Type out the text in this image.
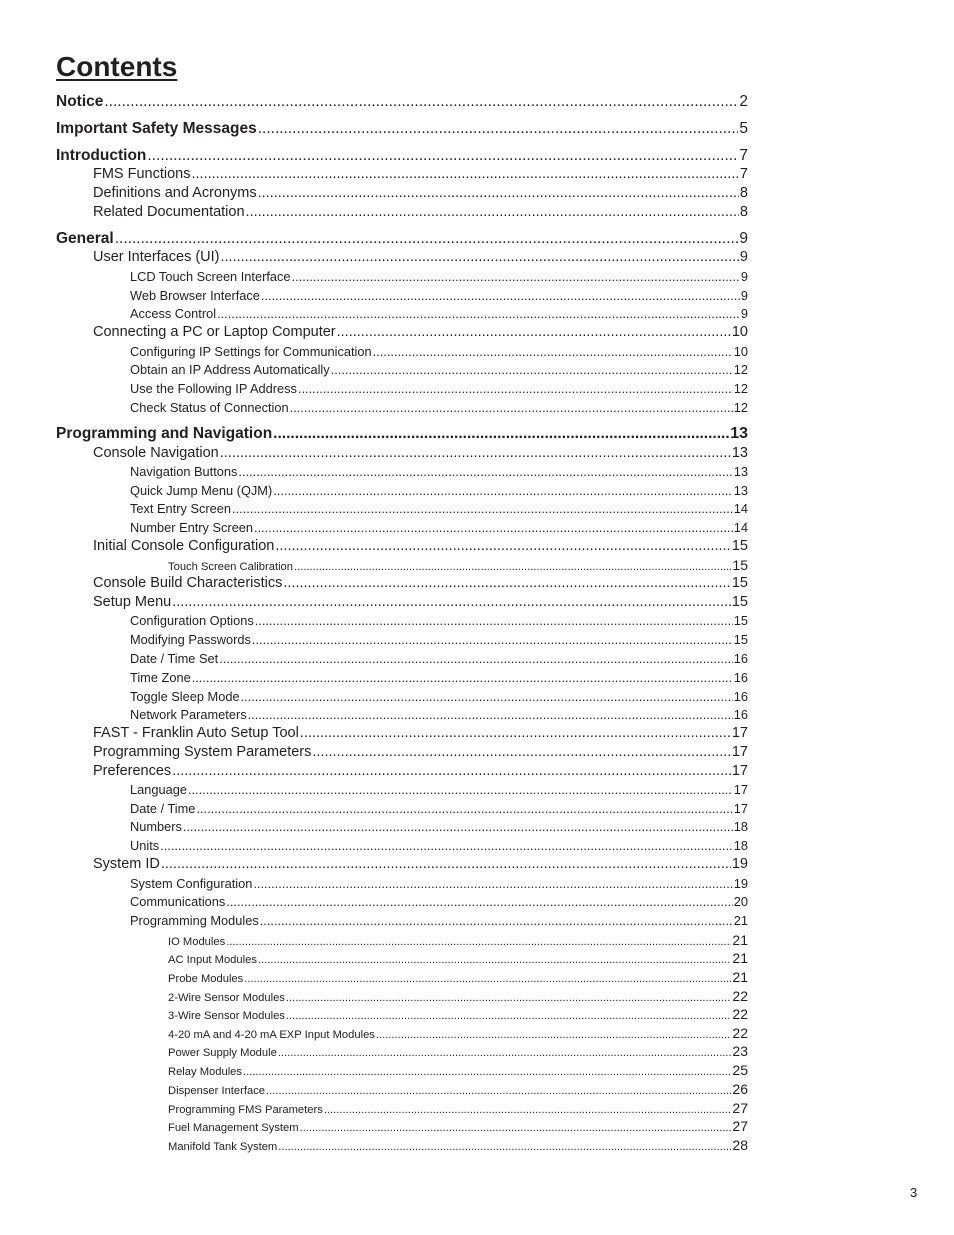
Contents
Notice .....	2
Important Safety Messages .....	5
Introduction .....	7
FMS Functions .....	7
Definitions and Acronyms .....	8
Related Documentation .....	8
General .....	9
User Interfaces (UI) .....	9
LCD Touch Screen Interface .....	9
Web Browser Interface .....	9
Access Control .....	9
Connecting a PC or Laptop Computer .....	10
Configuring IP Settings for Communication .....	10
Obtain an IP Address Automatically .....	12
Use the Following IP Address .....	12
Check Status of Connection .....	12
Programming and Navigation .....	13
Console Navigation .....	13
Navigation Buttons .....	13
Quick Jump Menu (QJM) .....	13
Text Entry Screen .....	14
Number Entry Screen .....	14
Initial Console Configuration .....	15
Touch Screen Calibration .....	15
Console Build Characteristics .....	15
Setup Menu .....	15
Configuration Options .....	15
Modifying Passwords .....	15
Date / Time Set .....	16
Time Zone .....	16
Toggle Sleep Mode .....	16
Network Parameters .....	16
FAST - Franklin Auto Setup Tool .....	17
Programming System Parameters .....	17
Preferences .....	17
Language .....	17
Date / Time .....	17
Numbers .....	18
Units .....	18
System ID .....	19
System Configuration .....	19
Communications .....	20
Programming Modules .....	21
IO Modules .....	21
AC Input Modules .....	21
Probe Modules .....	21
2-Wire Sensor Modules .....	22
3-Wire Sensor Modules .....	22
4-20 mA and 4-20 mA EXP Input Modules .....	22
Power Supply Module .....	23
Relay Modules .....	25
Dispenser Interface .....	26
Programming FMS Parameters .....	27
Fuel Management System .....	27
Manifold Tank System .....	28

3
